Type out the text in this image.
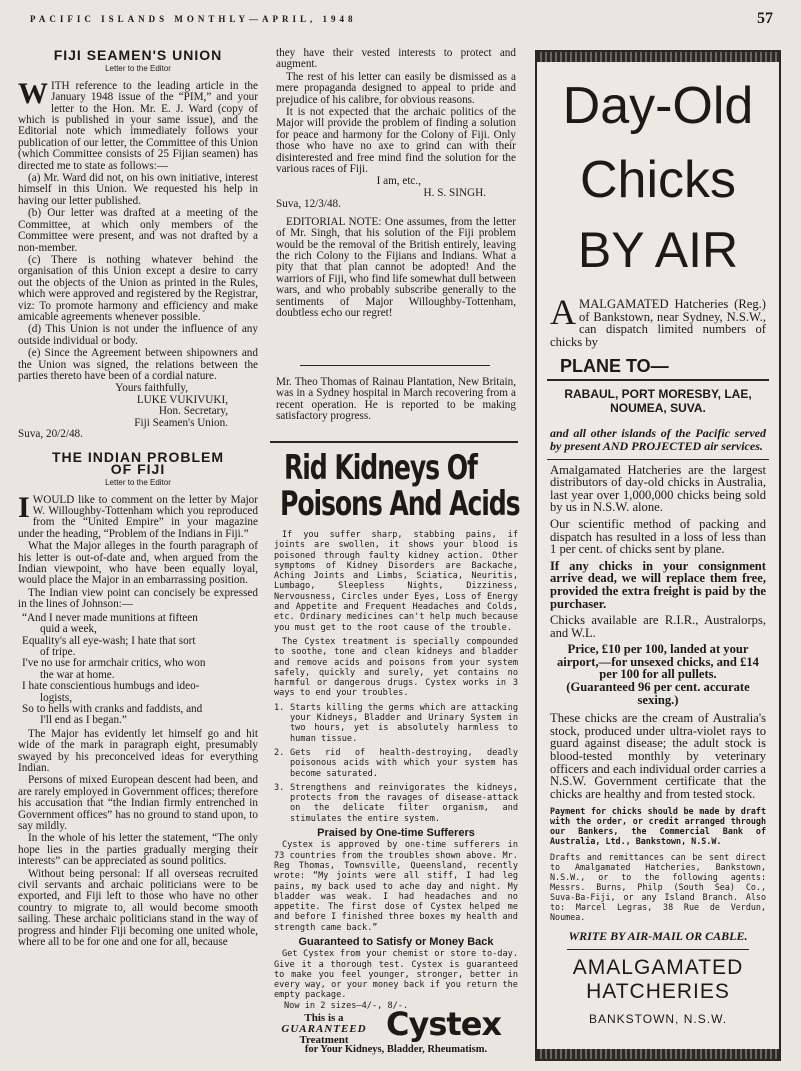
PACIFIC ISLANDS MONTHLY—APRIL, 1948	57
FIJI SEAMEN'S UNION
Letter to the Editor

WITH reference to the leading article in the January 1948 issue of the “PIM,” and your letter to the Hon. Mr. E. J. Ward (copy of which is published in your same issue), and the Editorial note which immediately follows your publication of our letter, the Committee of this Union (which Committee consists of 25 Fijian seamen) has directed me to state as follows:—

(a) Mr. Ward did not, on his own initiative, interest himself in this Union. We requested his help in having our letter published.

(b) Our letter was drafted at a meeting of the Committee, at which only members of the Committee were present, and was not drafted by a non-member.

(c) There is nothing whatever behind the organisation of this Union except a desire to carry out the objects of the Union as printed in the Rules, which were approved and registered by the Registrar, viz: To promote harmony and efficiency and make amicable agreements whenever possible.

(d) This Union is not under the influence of any outside individual or body.

(e) Since the Agreement between shipowners and the Union was signed, the relations between the parties thereto have been of a cordial nature.

Yours faithfully,
LUKE VUKIVUKI,
Hon. Secretary,
Fiji Seamen's Union.
Suva, 20/2/48.
THE INDIAN PROBLEM
OF FIJI
Letter to the Editor

IWOULD like to comment on the letter by Major W. Willoughby-Tottenham which you reproduced from the “United Empire” in your magazine under the heading, “Problem of the Indians in Fiji.”

What the Major alleges in the fourth paragraph of his letter is out-of-date and, when argued from the Indian viewpoint, who have been equally loyal, would place the Major in an embarrassing position.

The Indian view point can concisely be expressed in the lines of Johnson:—

“And I never made munitions at fifteen
quid a week,
Equality's all eye-wash; I hate that sort
of tripe.
I've no use for armchair critics, who won
the war at home.
I hate conscientious humbugs and ideo-
logists,
So to hells with cranks and faddists, and
I'll end as I began.”

The Major has evidently let himself go and hit wide of the mark in paragraph eight, presumably swayed by his preconceived ideas for everything Indian.

Persons of mixed European descent had been, and are rarely employed in Government offices; therefore his accusation that “the Indian firmly entrenched in Government offices” has no ground to stand upon, to say mildly.

In the whole of his letter the statement, “The only hope lies in the parties gradually merging their interests” can be appreciated as sound politics.

Without being personal: If all overseas recruited civil servants and archaic politicians were to be exported, and Fiji left to those who have no other country to migrate to, all would become smooth sailing. These archaic politicians stand in the way of progress and hinder Fiji becoming one united whole, where all to be for one and one for all, because

they have their vested interests to protect and augment.

The rest of his letter can easily be dismissed as a mere propaganda designed to appeal to pride and prejudice of his calibre, for obvious reasons.

It is not expected that the archaic politics of the Major will provide the problem of finding a solution for peace and harmony for the Colony of Fiji. Only those who have no axe to grind can with their disinterested and free mind find the solution for the various races of Fiji.

I am, etc.,
H. S. SINGH.
Suva, 12/3/48.

EDITORIAL NOTE: One assumes, from the letter of Mr. Singh, that his solution of the Fiji problem would be the removal of the British entirely, leaving the rich Colony to the Fijians and Indians. What a pity that that plan cannot be adopted! And the warriors of Fiji, who find life somewhat dull between wars, and who probably subscribe generally to the sentiments of Major Willoughby-Tottenham, doubtless echo our regret!

Mr. Theo Thomas of Rainau Plantation, New Britain, was in a Sydney hospital in March recovering from a recent operation. He is reported to be making satisfactory progress.

Rid Kidneys Of
Poisons And Acids

If you suffer sharp, stabbing pains, if joints are swollen, it shows your blood is poisoned through faulty kidney action. Other symptoms of Kidney Disorders are Backache, Aching Joints and Limbs, Sciatica, Neuritis, Lumbago, Sleepless Nights, Dizziness, Nervousness, Circles under Eyes, Loss of Energy and Appetite and Frequent Headaches and Colds, etc. Ordinary medicines can't help much because you must get to the root cause of the trouble.

The Cystex treatment is specially compounded to soothe, tone and clean kidneys and bladder and remove acids and poisons from your system safely, quickly and surely, yet contains no harmful or dangerous drugs. Cystex works in 3 ways to end your troubles.

1. Starts killing the germs which are attacking your Kidneys, Bladder and Urinary System in two hours, yet is absolutely harmless to human tissue.
2. Gets rid of health-destroying, deadly poisonous acids with which your system has become saturated.
3. Strengthens and reinvigorates the kidneys, protects from the ravages of disease-attack on the delicate filter organism, and stimulates the entire system.
Praised by One-time Sufferers

Cystex is approved by one-time sufferers in 73 countries from the troubles shown above. Mr. Reg Thomas, Townsville, Queensland, recently wrote: “My joints were all stiff, I had leg pains, my back used to ache day and night. My bladder was weak. I had headaches and no appetite. The first dose of Cystex helped me and before I finished three boxes my health and strength came back.”

Guaranteed to Satisfy or Money Back

Get Cystex from your chemist or store to-day. Give it a thorough test. Cystex is guaranteed to make you feel younger, stronger, better in every way, or your money back if you return the empty package.

Now in 2 sizes—4/-, 8/-.
This is a
GUARANTEED
Treatment	Cystex
for Your Kidneys, Bladder, Rheumatism.
Day-Old
Chicks
BY AIR

AMALGAMATED Hatcheries (Reg.) of Bankstown, near Sydney, N.S.W., can dispatch limited numbers of chicks by

PLANE TO—
RABAUL, PORT MORESBY, LAE, NOUMEA, SUVA.

and all other islands of the Pacific served by present AND PROJECTED air services.

Amalgamated Hatcheries are the largest distributors of day-old chicks in Australia, last year over 1,000,000 chicks being sold by us in N.S.W. alone.

Our scientific method of packing and dispatch has resulted in a loss of less than 1 per cent. of chicks sent by plane.

If any chicks in your consignment arrive dead, we will replace them free, provided the extra freight is paid by the purchaser.

Chicks available are R.I.R., Australorps, and W.L.

Price, £10 per 100, landed at your airport,—for unsexed chicks, and £14 per 100 for all pullets.

(Guaranteed 96 per cent. accurate sexing.)

These chicks are the cream of Australia's stock, produced under ultra-violet rays to guard against disease; the adult stock is blood-tested monthly by veterinary officers and each individual order carries a N.S.W. Government certificate that the chicks are healthy and from tested stock.

Payment for chicks should be made by draft with the order, or credit arranged through our Bankers, the Commercial Bank of Australia, Ltd., Bankstown, N.S.W.

Drafts and remittances can be sent direct to Amalgamated Hatcheries, Bankstown, N.S.W., or to the following agents: Messrs. Burns, Philp (South Sea) Co., Suva-Ba-Fiji, or any Island Branch. Also to: Marcel Legras, 38 Rue de Verdun, Noumea.

WRITE BY AIR-MAIL OR CABLE.
AMALGAMATED
HATCHERIES
BANKSTOWN, N.S.W.
